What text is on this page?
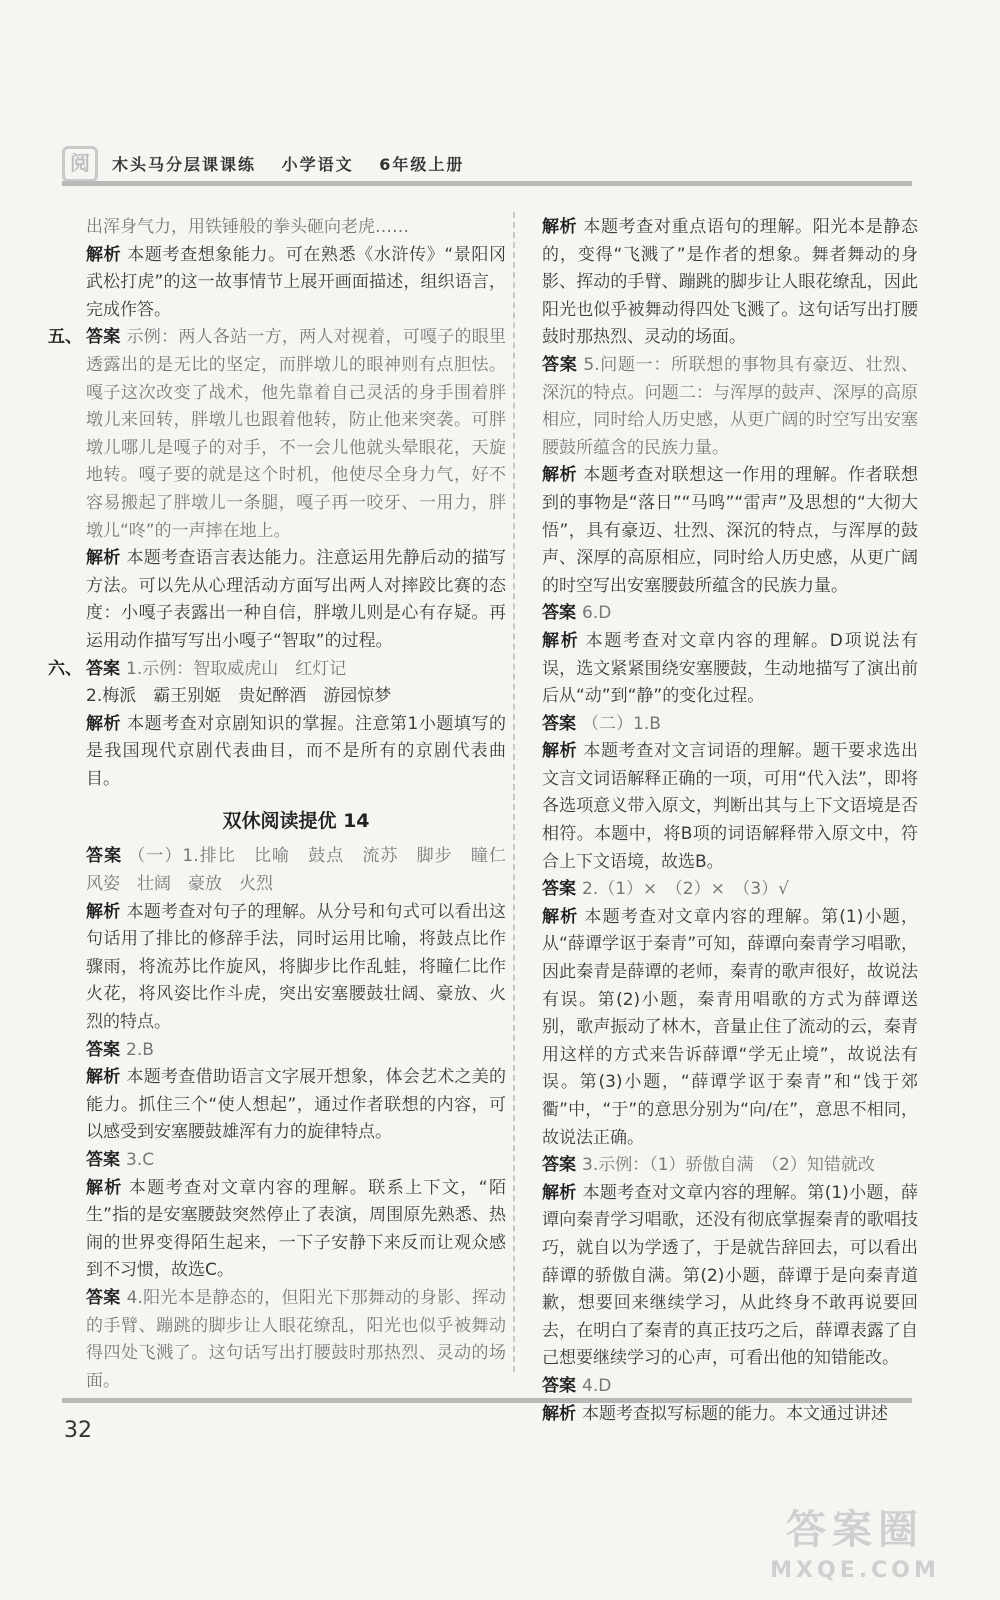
阅	木头马分层课课练 小学语文 6年级上册

出浑身气力，用铁锤般的拳头砸向老虎……

解析 本题考查想象能力。可在熟悉《水浒传》“景阳冈武松打虎”的这一故事情节上展开画面描述，组织语言，完成作答。

五、 答案 示例：两人各站一方，两人对视着，可嘎子的眼里透露出的是无比的坚定，而胖墩儿的眼神则有点胆怯。嘎子这次改变了战术，他先靠着自己灵活的身手围着胖墩儿来回转，胖墩儿也跟着他转，防止他来突袭。可胖墩儿哪儿是嘎子的对手，不一会儿他就头晕眼花，天旋地转。嘎子要的就是这个时机，他使尽全身力气，好不容易搬起了胖墩儿一条腿，嘎子再一咬牙、一用力，胖墩儿“咚”的一声摔在地上。

解析 本题考查语言表达能力。注意运用先静后动的描写方法。可以先从心理活动方面写出两人对摔跤比赛的态度：小嘎子表露出一种自信，胖墩儿则是心有存疑。再运用动作描写写出小嘎子“智取”的过程。

六、 答案 1.示例：智取威虎山　红灯记

2.梅派　霸王别姬　贵妃醉酒　游园惊梦

解析 本题考查对京剧知识的掌握。注意第1小题填写的是我国现代京剧代表曲目，而不是所有的京剧代表曲目。

双休阅读提优 14

答案 （一）1.排比　比喻　鼓点　流苏　脚步　瞳仁　风姿　壮阔　豪放　火烈

解析 本题考查对句子的理解。从分号和句式可以看出这句话用了排比的修辞手法，同时运用比喻，将鼓点比作骤雨，将流苏比作旋风，将脚步比作乱蛙，将瞳仁比作火花，将风姿比作斗虎，突出安塞腰鼓壮阔、豪放、火烈的特点。

答案 2.B

解析 本题考查借助语言文字展开想象，体会艺术之美的能力。抓住三个“使人想起”，通过作者联想的内容，可以感受到安塞腰鼓雄浑有力的旋律特点。

答案 3.C

解析 本题考查对文章内容的理解。联系上下文，“陌生”指的是安塞腰鼓突然停止了表演，周围原先熟悉、热闹的世界变得陌生起来，一下子安静下来反而让观众感到不习惯，故选C。

答案 4.阳光本是静态的，但阳光下那舞动的身影、挥动的手臂、蹦跳的脚步让人眼花缭乱，阳光也似乎被舞动得四处飞溅了。这句话写出打腰鼓时那热烈、灵动的场面。

解析 本题考查对重点语句的理解。阳光本是静态的，变得“飞溅了”是作者的想象。舞者舞动的身影、挥动的手臂、蹦跳的脚步让人眼花缭乱，因此阳光也似乎被舞动得四处飞溅了。这句话写出打腰鼓时那热烈、灵动的场面。

答案 5.问题一：所联想的事物具有豪迈、壮烈、深沉的特点。问题二：与浑厚的鼓声、深厚的高原相应，同时给人历史感，从更广阔的时空写出安塞腰鼓所蕴含的民族力量。

解析 本题考查对联想这一作用的理解。作者联想到的事物是“落日”“马鸣”“雷声”及思想的“大彻大悟”，具有豪迈、壮烈、深沉的特点，与浑厚的鼓声、深厚的高原相应，同时给人历史感，从更广阔的时空写出安塞腰鼓所蕴含的民族力量。

答案 6.D

解析 本题考查对文章内容的理解。D项说法有误，选文紧紧围绕安塞腰鼓，生动地描写了演出前后从“动”到“静”的变化过程。

答案 （二）1.B

解析 本题考查对文言词语的理解。题干要求选出文言文词语解释正确的一项，可用“代入法”，即将各选项意义带入原文，判断出其与上下文语境是否相符。本题中，将B项的词语解释带入原文中，符合上下文语境，故选B。

答案 2.（1）×　（2）×　（3）√

解析 本题考查对文章内容的理解。第(1)小题，从“薛谭学讴于秦青”可知，薛谭向秦青学习唱歌，因此秦青是薛谭的老师，秦青的歌声很好，故说法有误。第(2)小题，秦青用唱歌的方式为薛谭送别，歌声振动了林木，音量止住了流动的云，秦青用这样的方式来告诉薛谭“学无止境”，故说法有误。第(3)小题，“薛谭学讴于秦青”和“饯于郊衢”中，“于”的意思分别为“向/在”，意思不相同，故说法正确。

答案 3.示例：（1）骄傲自满　（2）知错就改

解析 本题考查对文章内容的理解。第(1)小题，薛谭向秦青学习唱歌，还没有彻底掌握秦青的歌唱技巧，就自以为学透了，于是就告辞回去，可以看出薛谭的骄傲自满。第(2)小题，薛谭于是向秦青道歉，想要回来继续学习，从此终身不敢再说要回去，在明白了秦青的真正技巧之后，薛谭表露了自己想要继续学习的心声，可看出他的知错能改。

答案 4.D

解析 本题考查拟写标题的能力。本文通过讲述

32
答案圈
MXQE.COM
